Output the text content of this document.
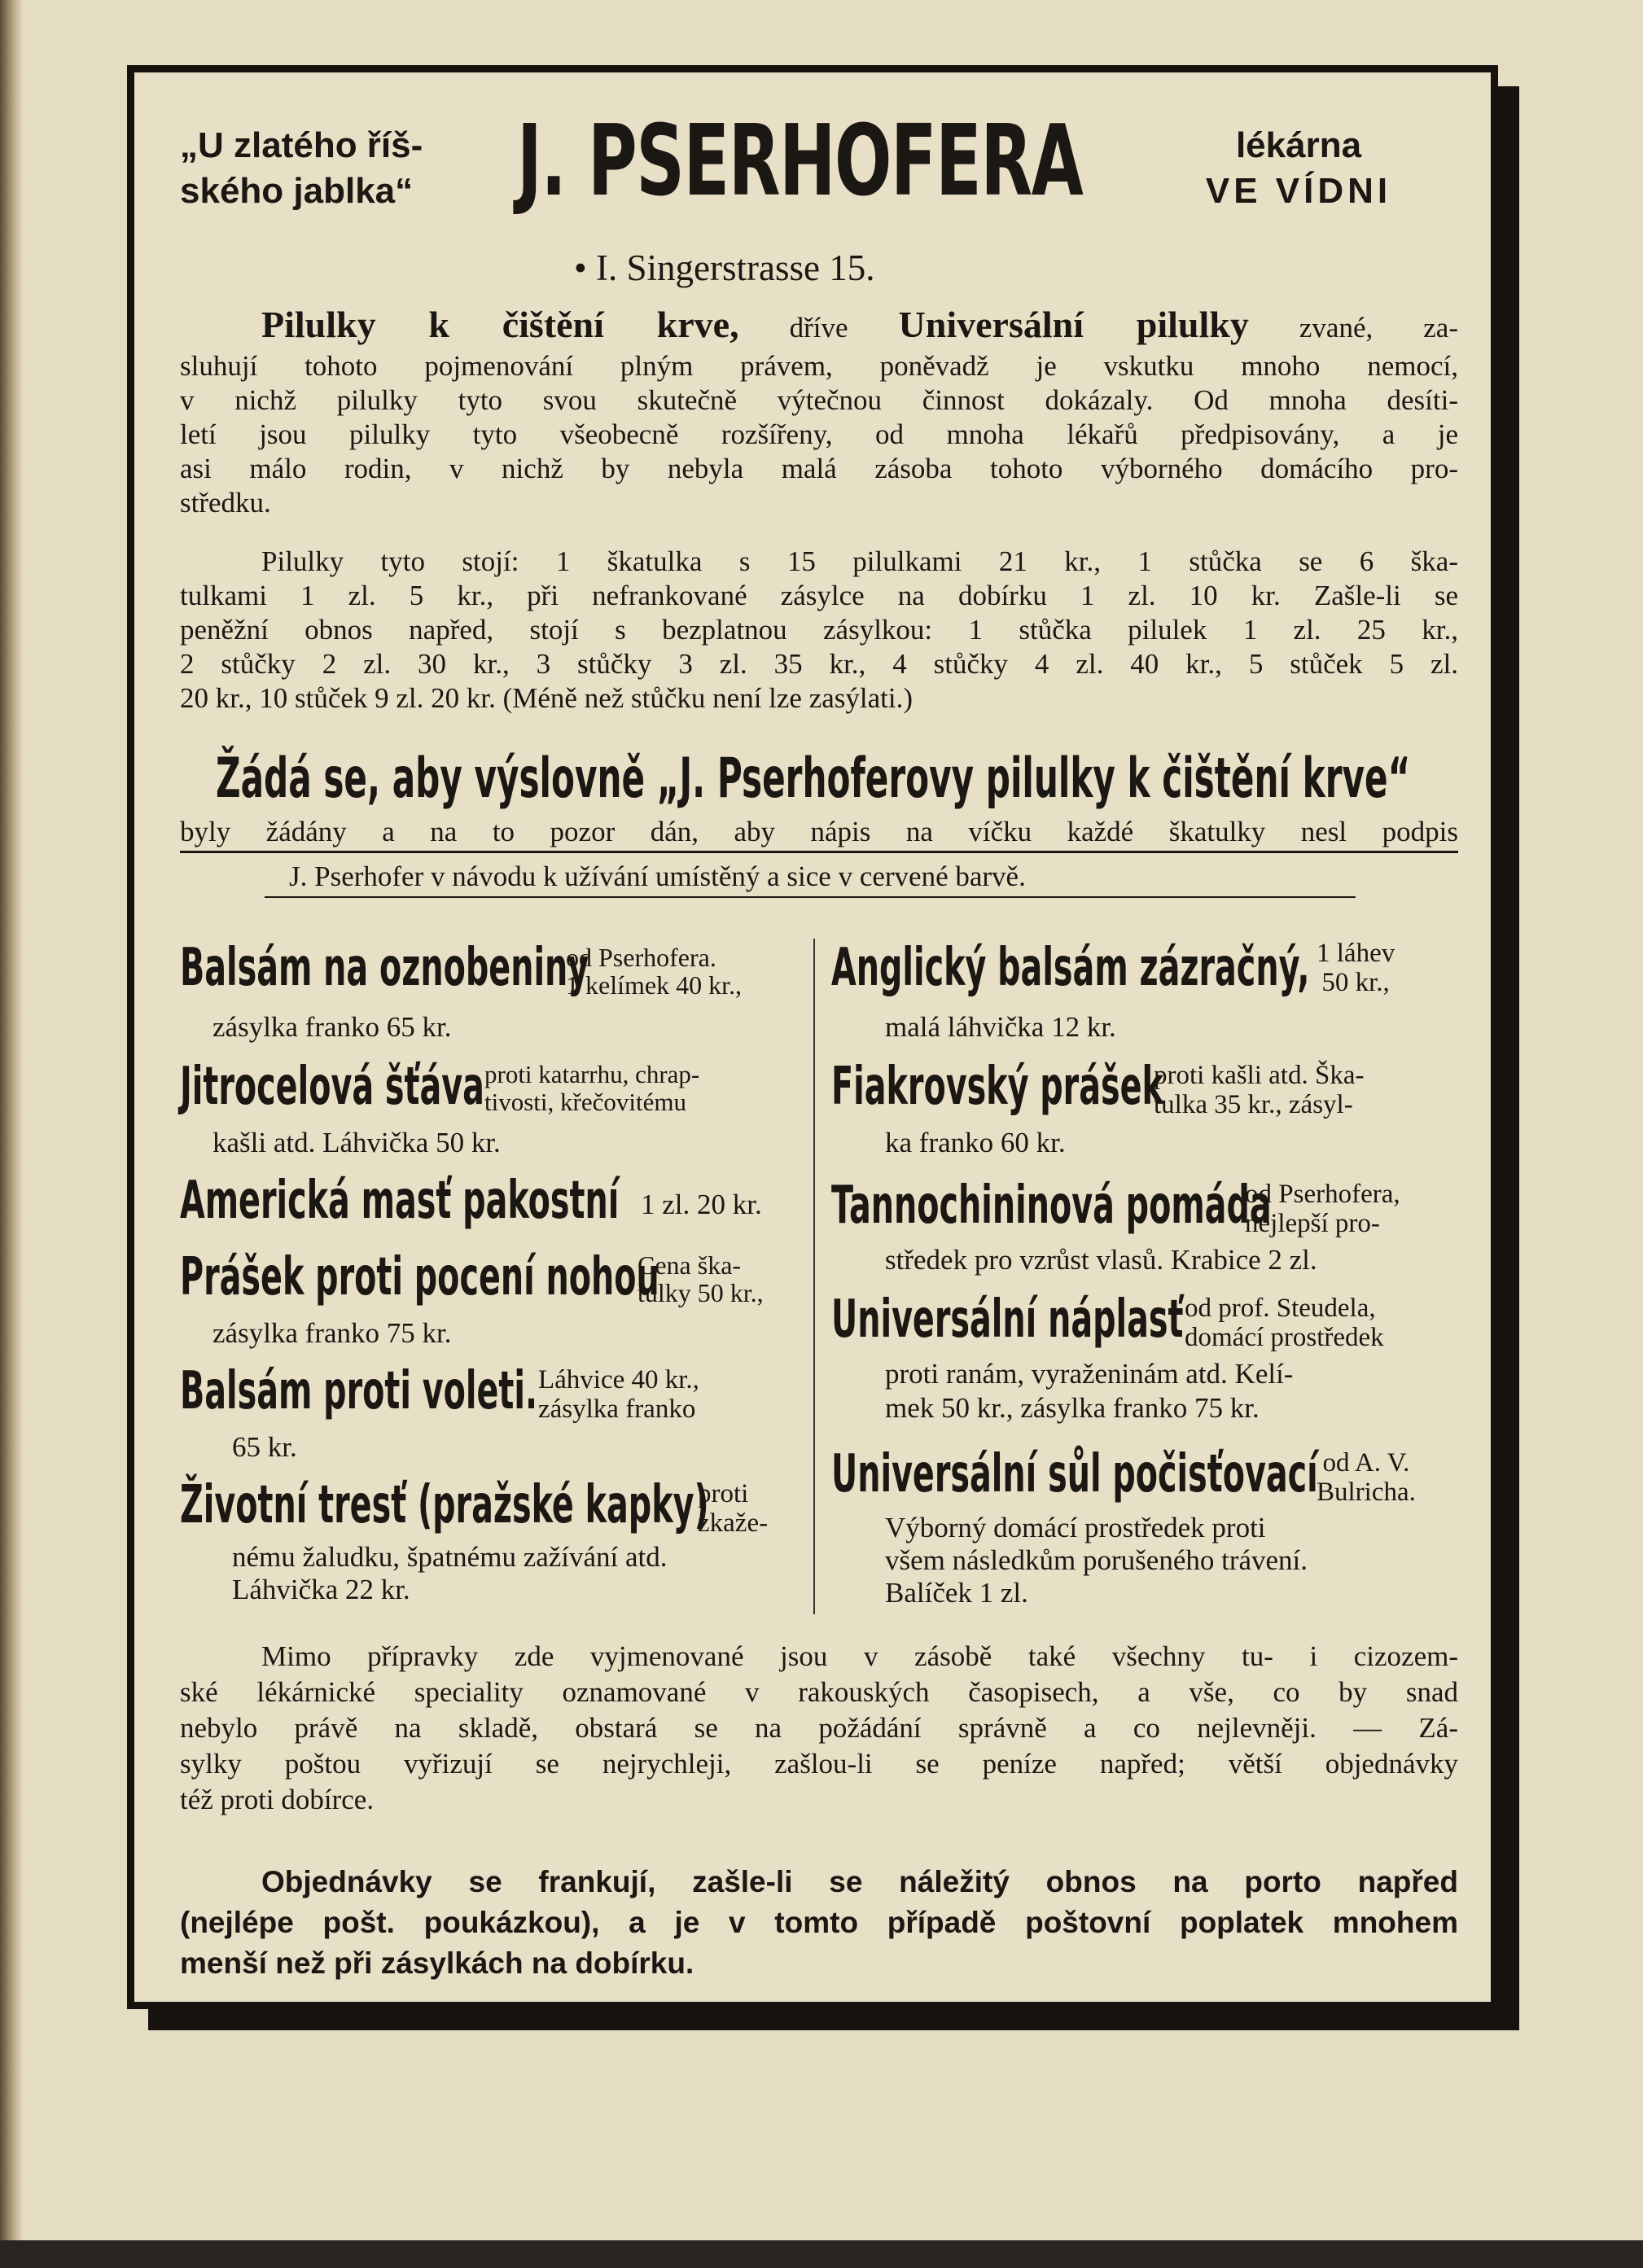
„U zlatého říš-
ského jablka“ J. PSERHOFERA	lékárna
VE VÍDNI
• I. Singerstrasse 15.
Pilulky k čištění krve, dříve Universální pilulky zvané, za-
sluhují tohoto pojmenování plným právem, poněvadž je vskutku mnoho nemocí,
v nichž pilulky tyto svou skutečně výtečnou činnost dokázaly. Od mnoha desíti-
letí jsou pilulky tyto všeobecně rozšířeny, od mnoha lékařů předpisovány, a je
asi málo rodin, v nichž by nebyla malá zásoba tohoto výborného domácího pro-
středku.
Pilulky tyto stojí: 1 škatulka s 15 pilulkami 21 kr., 1 stůčka se 6 ška-
tulkami 1 zl. 5 kr., při nefrankované zásylce na dobírku 1 zl. 10 kr. Zašle-li se
peněžní obnos napřed, stojí s bezplatnou zásylkou: 1 stůčka pilulek 1 zl. 25 kr.,
2 stůčky 2 zl. 30 kr., 3 stůčky 3 zl. 35 kr., 4 stůčky 4 zl. 40 kr., 5 stůček 5 zl.
20 kr., 10 stůček 9 zl. 20 kr. (Méně než stůčku není lze zasýlati.)
Žádá se, aby výslovně „J. Pserhoferovy pilulky k čištění krve“
byly žádány a na to pozor dán, aby nápis na víčku každé škatulky nesl podpis
J. Pserhofer v návodu k užívání umístěný a sice v cervené barvě.
Balsám na oznobeniny
od Pserhofera.
1 kelímek 40 kr.,
zásylka franko 65 kr.
Jitrocelová šťáva proti katarrhu, chrap-
tivosti, křečovitému
kašli atd. Láhvička 50 kr.
Americká masť pakostní 1 zl. 20 kr.
Prášek proti pocení nohou
Cena ška-
tulky 50 kr.,
zásylka franko 75 kr.
Balsám proti voleti. Láhvice 40 kr.,
zásylka franko
65 kr.
Životní tresť (pražské kapky)
proti
zkaže-
nému žaludku, špatnému zažívání atd.
Láhvička 22 kr.
Anglický balsám zázračný, 1 láhev
50 kr.,
malá láhvička 12 kr.
Fiakrovský prášek
proti kašli atd. Ška-
tulka 35 kr., zásyl-
ka franko 60 kr.
Tannochininová pomáda
od Pserhofera,
nejlepší pro-
středek pro vzrůst vlasů. Krabice 2 zl.
Universální náplasť od prof. Steudela,
domácí prostředek
proti ranám, vyraženinám atd. Kelí-
mek 50 kr., zásylka franko 75 kr.
Universální sůl počisťovací od A. V.
Bulricha.
Výborný domácí prostředek proti
všem následkům porušeného trávení.
Balíček 1 zl.
Mimo přípravky zde vyjmenované jsou v zásobě také všechny tu- i cizozem-
ské lékárnické speciality oznamované v rakouských časopisech, a vše, co by snad
nebylo právě na skladě, obstará se na požádání správně a co nejlevněji. — Zá-
sylky poštou vyřizují se nejrychleji, zašlou-li se peníze napřed; větší objednávky
též proti dobírce.
Objednávky se frankují, zašle-li se náležitý obnos na porto napřed
(nejlépe pošt. poukázkou), a je v tomto případě poštovní poplatek mnohem
menší než při zásylkách na dobírku.
